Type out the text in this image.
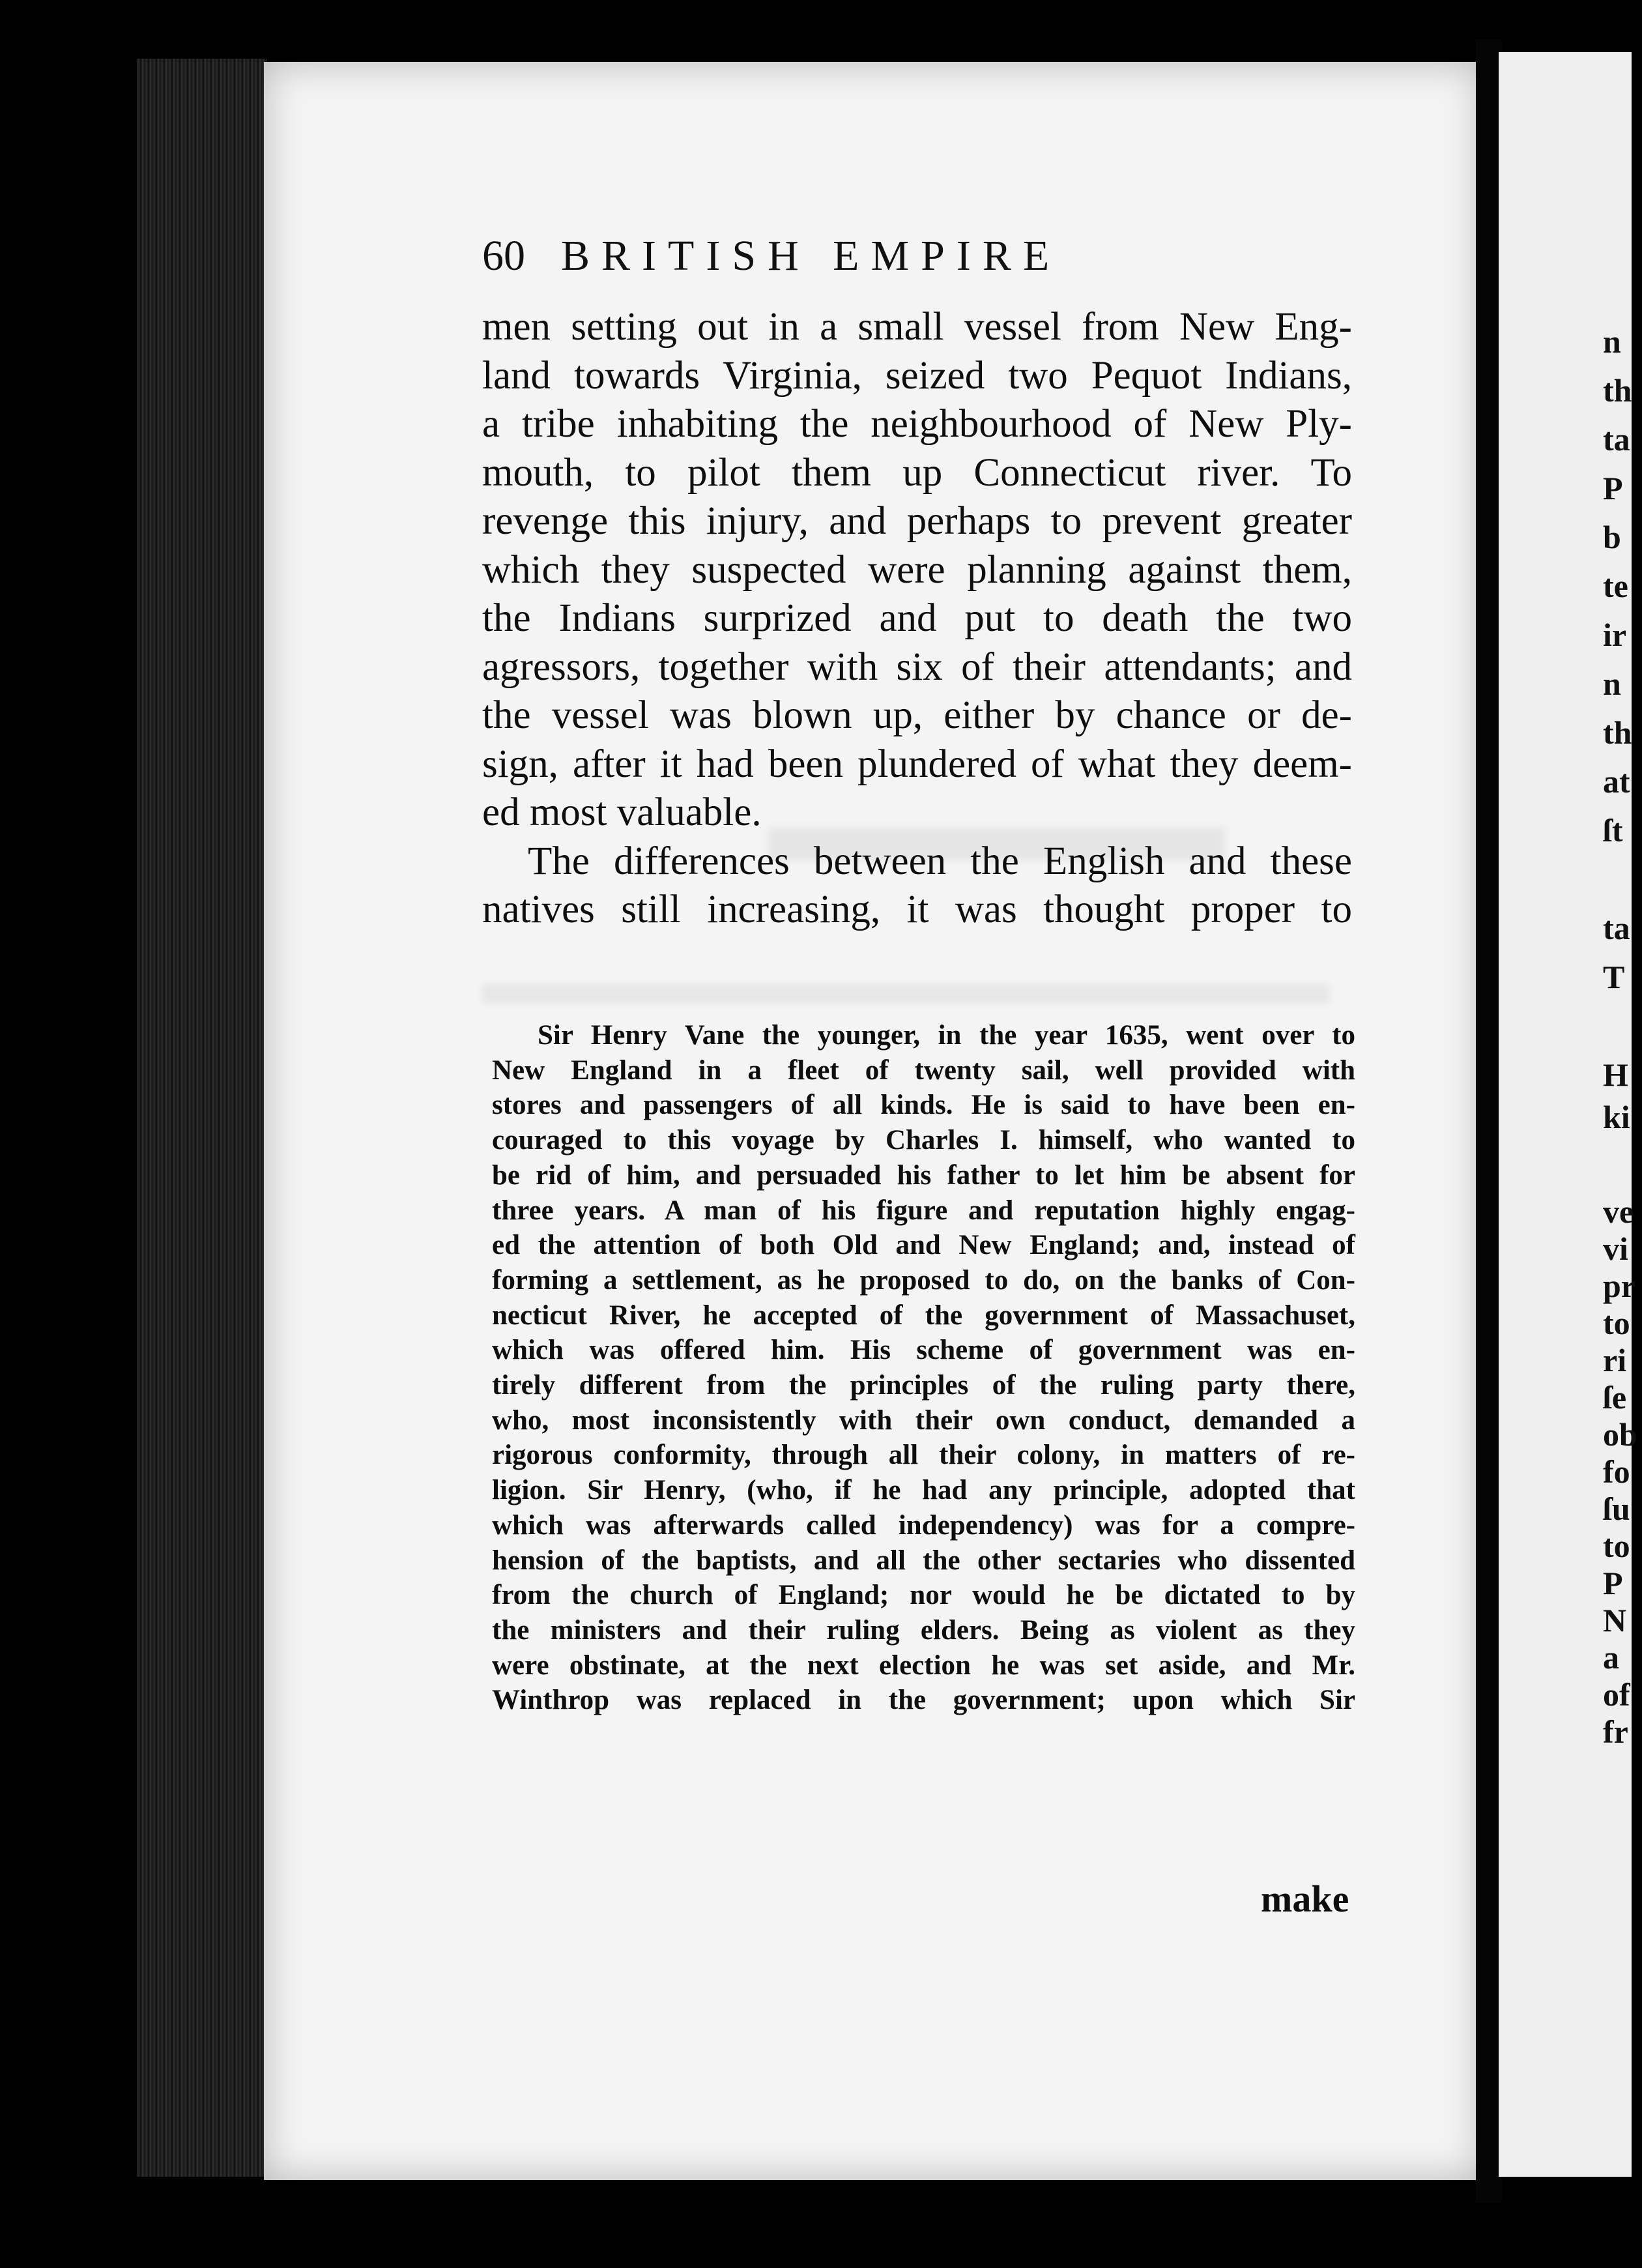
60 BRITISH EMPIRE
men setting out in a small vessel from New Eng-
land towards Virginia, seized two Pequot Indians,
a tribe inhabiting the neighbourhood of New Ply-
mouth, to pilot them up Connecticut river. To
revenge this injury, and perhaps to prevent greater
which they suspected were planning against them,
the Indians surprized and put to death the two
agressors, together with six of their attendants; and
the vessel was blown up, either by chance or de-
sign, after it had been plundered of what they deem-
ed most valuable.
The differences between the English and these
natives still increasing, it was thought proper to
Sir Henry Vane the younger, in the year 1635, went over to
New England in a fleet of twenty sail, well provided with
stores and passengers of all kinds. He is said to have been en-
couraged to this voyage by Charles I. himself, who wanted to
be rid of him, and persuaded his father to let him be absent for
three years. A man of his figure and reputation highly engag-
ed the attention of both Old and New England; and, instead of
forming a settlement, as he proposed to do, on the banks of Con-
necticut River, he accepted of the government of Massachuset,
which was offered him. His scheme of government was en-
tirely different from the principles of the ruling party there,
who, most inconsistently with their own conduct, demanded a
rigorous conformity, through all their colony, in matters of re-
ligion. Sir Henry, (who, if he had any principle, adopted that
which was afterwards called independency) was for a compre-
hension of the baptists, and all the other sectaries who dissented
from the church of England; nor would he be dictated to by
the ministers and their ruling elders. Being as violent as they
were obstinate, at the next election he was set aside, and Mr.
Winthrop was replaced in the government; upon which Sir
make
n
th
ta
P
b
te
ir
n
th
at
ſt
ta
T
H
ki
ve
vi
pr
to
ri
ſe
ob
fo
ſu
to
P
N
a
of
fr
